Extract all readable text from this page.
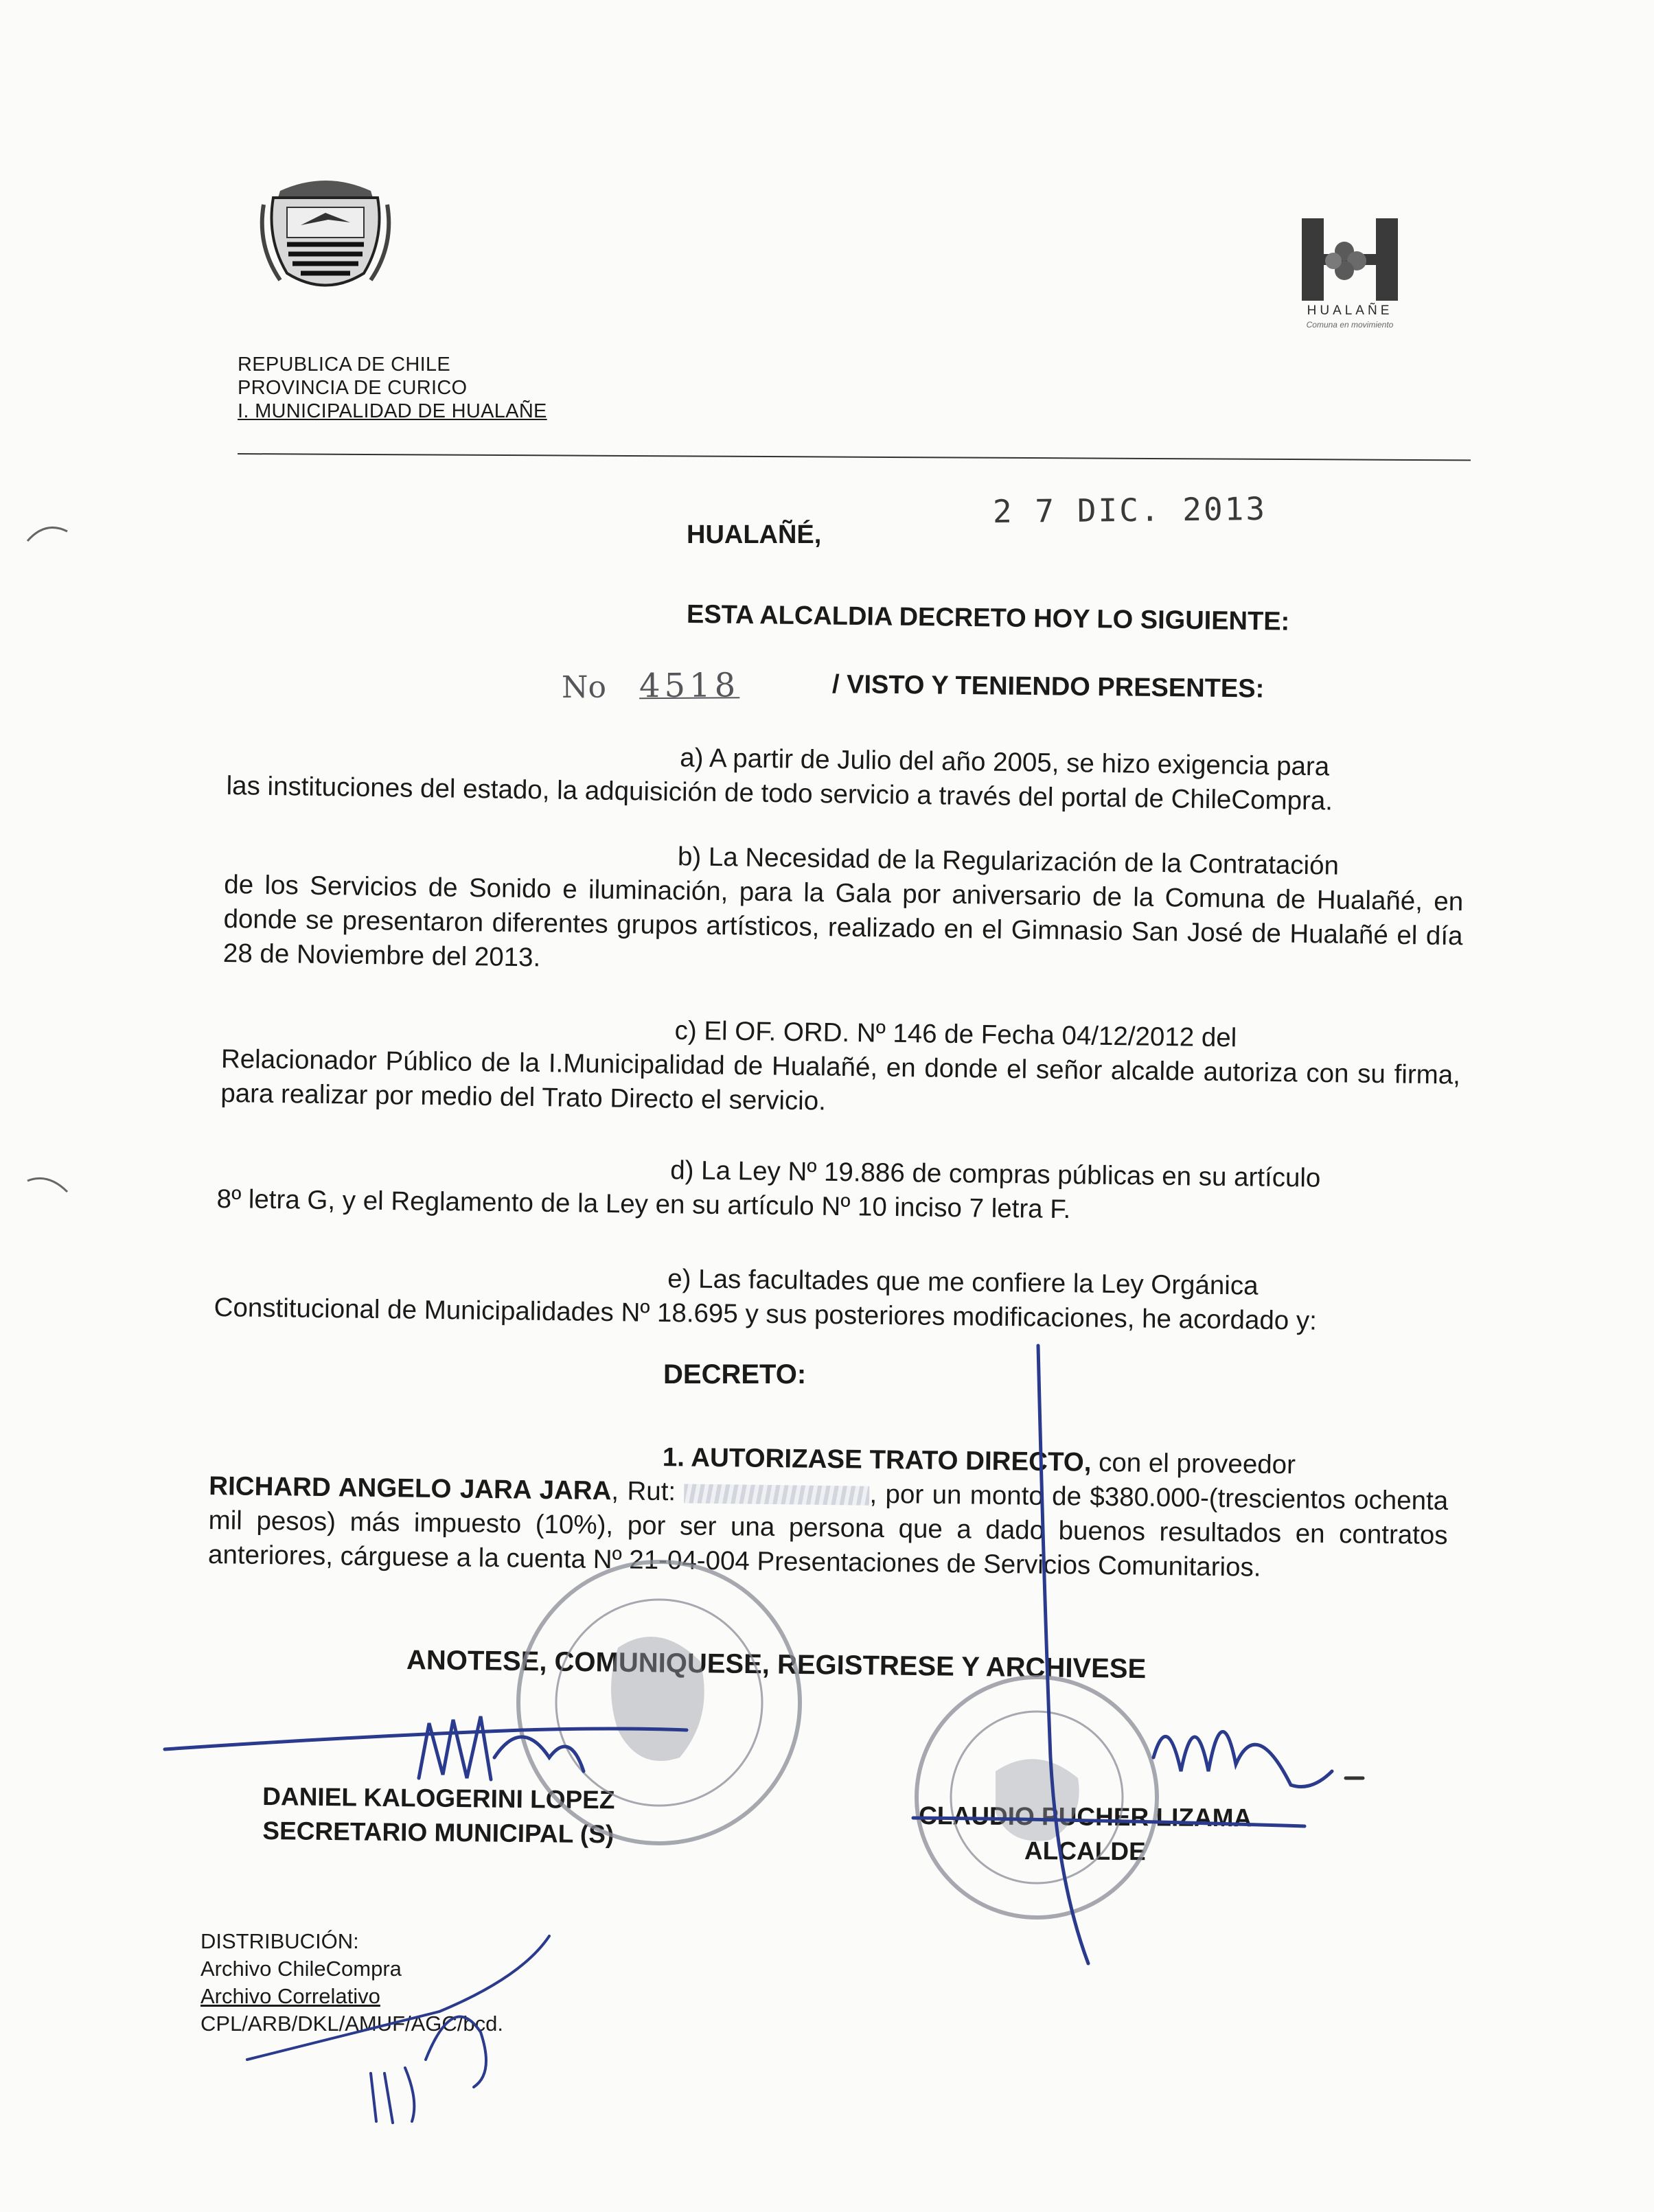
HUALAÑE
Comuna en movimiento
REPUBLICA DE CHILE
PROVINCIA DE CURICO
I. MUNICIPALIDAD DE HUALAÑE
2 7 DIC. 2013
HUALAÑÉ,
ESTA ALCALDIA DECRETO HOY LO SIGUIENTE:
No 4518	/ VISTO Y TENIENDO PRESENTES:
a) A partir de Julio del año 2005, se hizo exigencia para
las instituciones del estado, la adquisición de todo servicio a través del portal de ChileCompra.
b) La Necesidad de la Regularización de la Contratación
de los Servicios de Sonido e iluminación, para la Gala por aniversario de la Comuna de Hualañé, en donde se presentaron diferentes grupos artísticos, realizado en el Gimnasio San José de Hualañé el día 28 de Noviembre del 2013.
c) El OF. ORD. Nº 146 de Fecha 04/12/2012 del
Relacionador Público de la I.Municipalidad de Hualañé, en donde el señor alcalde autoriza con su firma, para realizar por medio del Trato Directo el servicio.
d) La Ley Nº 19.886 de compras públicas en su artículo
8º letra G, y el Reglamento de la Ley en su artículo Nº 10 inciso 7 letra F.
e) Las facultades que me confiere la Ley Orgánica
Constitucional de Municipalidades Nº 18.695 y sus posteriores modificaciones, he acordado y:
DECRETO:
1. AUTORIZASE TRATO DIRECTO, con el proveedor
RICHARD ANGELO JARA JARA, Rut:	, por un monto de $380.000-(trescientos ochenta mil pesos) más impuesto (10%), por ser una persona que a dado buenos resultados en contratos anteriores, cárguese a la cuenta Nº 21-04-004 Presentaciones de Servicios Comunitarios.
ANOTESE, COMUNIQUESE, REGISTRESE Y ARCHIVESE
DANIEL KALOGERINI LOPEZ
SECRETARIO MUNICIPAL (S)	CLAUDIO PUCHER LIZAMA
ALCALDE
DISTRIBUCIÓN:
Archivo ChileCompra
Archivo Correlativo
CPL/ARB/DKL/AMUF/AGC/bcd.
